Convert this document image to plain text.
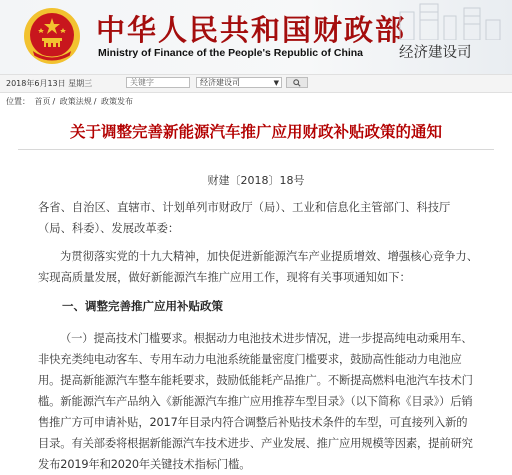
中华人民共和国财政部
Ministry of Finance of the People's Republic of China 经济建设司
2018年6月13日 星期三	关键字	经济建设司	▼
位置： 首页 / 政策法规 / 政策发布
关于调整完善新能源汽车推广应用财政补贴政策的通知
财建〔2018〕18号
各省、自治区、直辖市、计划单列市财政厅（局）、工业和信息化主管部门、科技厅（局、科委）、发展改革委：
为贯彻落实党的十九大精神，加快促进新能源汽车产业提质增效、增强核心竞争力、实现高质量发展，做好新能源汽车推广应用工作，现将有关事项通知如下：
一、调整完善推广应用补贴政策
（一）提高技术门槛要求。根据动力电池技术进步情况，进一步提高纯电动乘用车、非快充类纯电动客车、专用车动力电池系统能量密度门槛要求，鼓励高性能动力电池应用。提高新能源汽车整车能耗要求，鼓励低能耗产品推广。不断提高燃料电池汽车技术门槛。新能源汽车产品纳入《新能源汽车推广应用推荐车型目录》（以下简称《目录》）后销售推广方可申请补贴，2017年目录内符合调整后补贴技术条件的车型，可直接列入新的目录。有关部委将根据新能源汽车技术进步、产业发展、推广应用规模等因素，提前研究发布2019年和2020年关键技术指标门槛。
